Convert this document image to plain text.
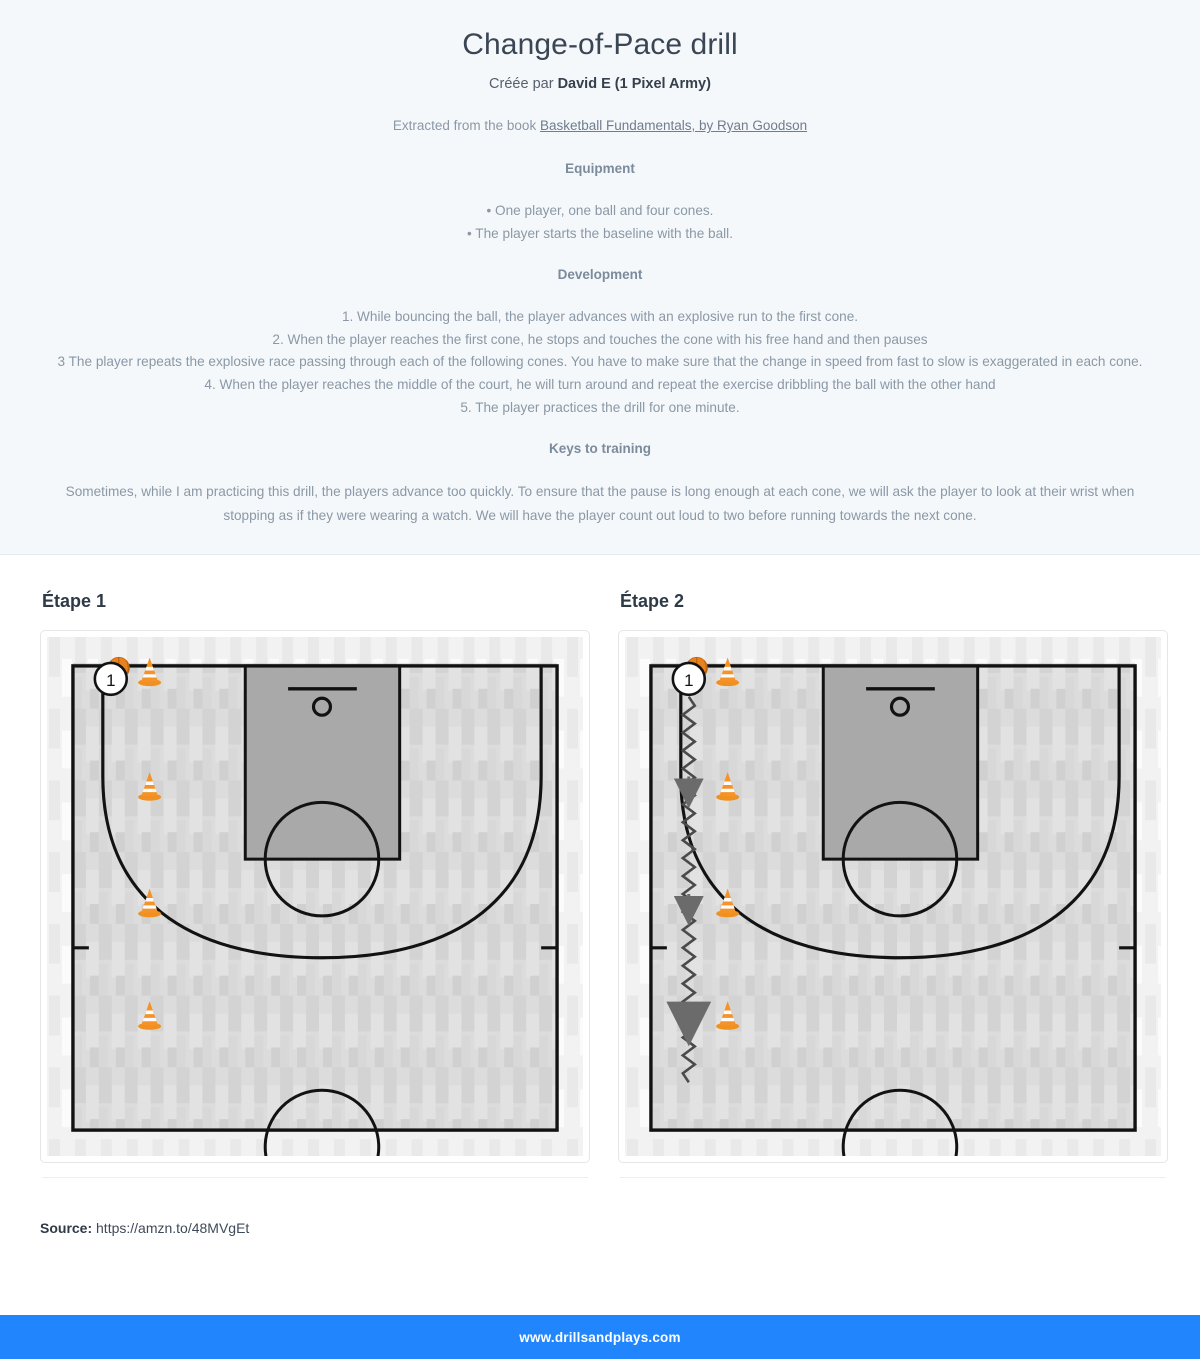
Change-of-Pace drill
Créée par David E (1 Pixel Army)
Extracted from the book Basketball Fundamentals, by Ryan Goodson
Equipment
• One player, one ball and four cones.
• The player starts the baseline with the ball.
Development
1. While bouncing the ball, the player advances with an explosive run to the first cone.
2. When the player reaches the first cone, he stops and touches the cone with his free hand and then pauses
3 The player repeats the explosive race passing through each of the following cones. You have to make sure that the change in speed from fast to slow is exaggerated in each cone.
4. When the player reaches the middle of the court, he will turn around and repeat the exercise dribbling the ball with the other hand
5. The player practices the drill for one minute.
Keys to training
Sometimes, while I am practicing this drill, the players advance too quickly. To ensure that the pause is long enough at each cone, we will ask the player to look at their wrist when stopping as if they were wearing a watch. We will have the player count out loud to two before running towards the next cone.
Étape 1
1
Étape 2
1
Source: https://amzn.to/48MVgEt
www.drillsandplays.com
